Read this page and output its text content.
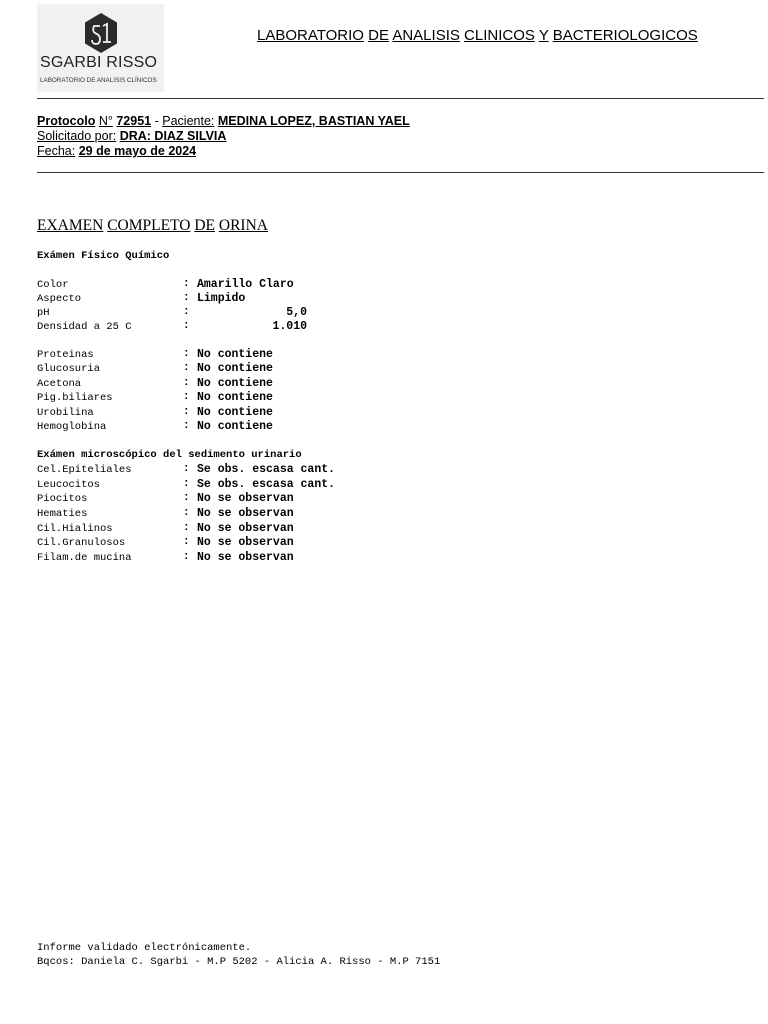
SGARBI RISSO
LABORATORIO DE ANALISIS CLÍNICOS
LABORATORIO DE ANALISIS CLINICOS Y BACTERIOLOGICOS
Protocolo N° 72951 - Paciente: MEDINA LOPEZ, BASTIAN YAEL
Solicitado por: DRA: DIAZ SILVIA
Fecha: 29 de mayo de 2024
EXAMEN COMPLETO DE ORINA
Exámen Físico Químico
Color	: Amarillo Claro
Aspecto	: Limpido
pH	:	5,0
Densidad a 25 C	:	1.010
Proteinas	: No contiene
Glucosuria	: No contiene
Acetona	: No contiene
Pig.biliares	: No contiene
Urobilina	: No contiene
Hemoglobina	: No contiene
Exámen microscópico del sedimento urinario
Cel.Epiteliales	: Se obs. escasa cant.
Leucocitos	: Se obs. escasa cant.
Piocitos	: No se observan
Hematies	: No se observan
Cil.Hialinos	: No se observan
Cil.Granulosos	: No se observan
Filam.de mucina	: No se observan
Informe validado electrónicamente.
Bqcos: Daniela C. Sgarbi - M.P 5202 - Alicia A. Risso - M.P 7151
